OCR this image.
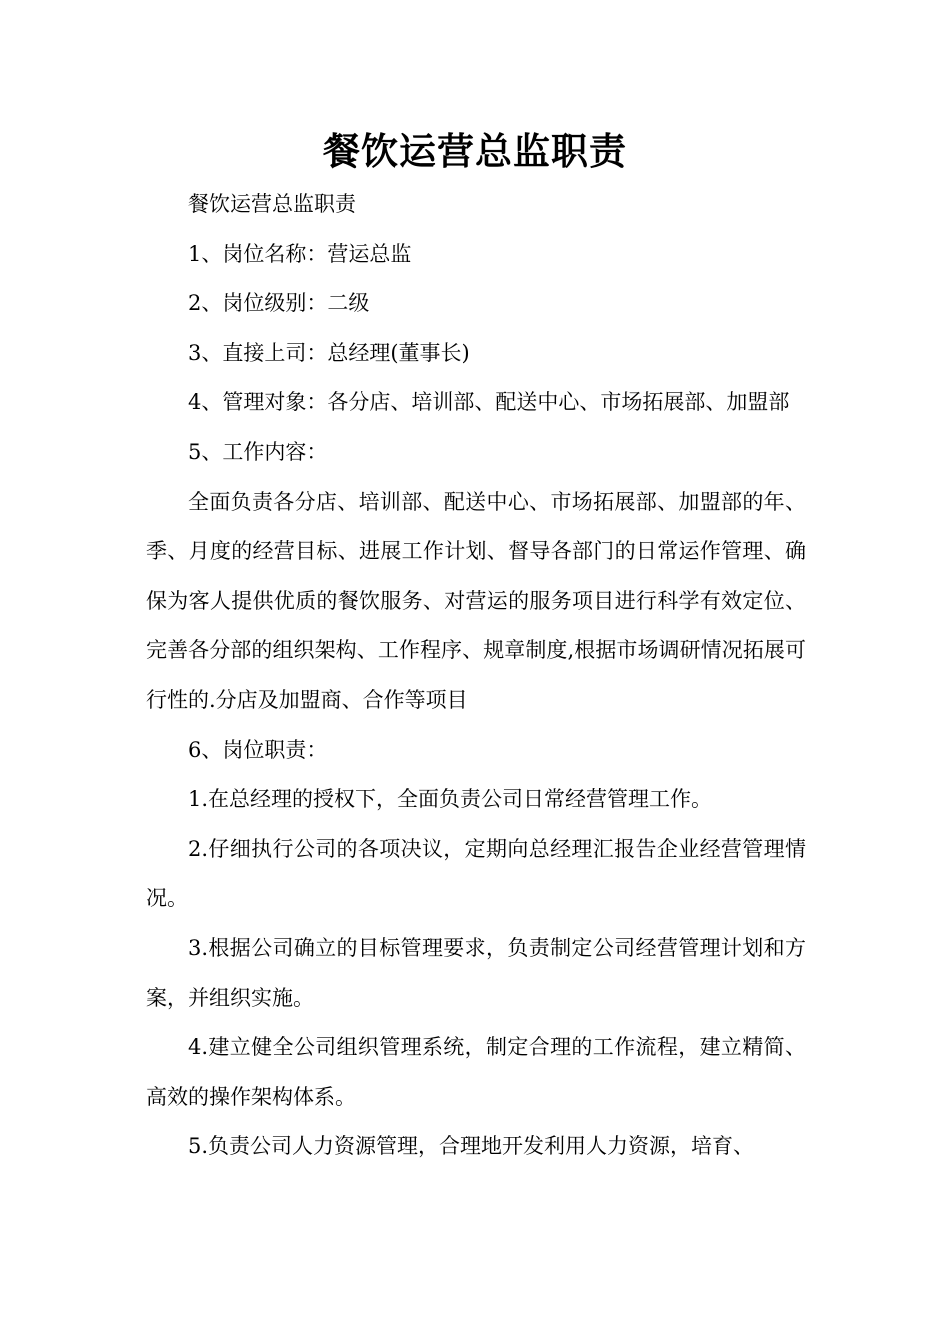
餐饮运营总监职责

餐饮运营总监职责

1、岗位名称：营运总监

2、岗位级别：二级

3、直接上司：总经理(董事长)

4、管理对象：各分店、培训部、配送中心、市场拓展部、加盟部

5、工作内容：

全面负责各分店、培训部、配送中心、市场拓展部、加盟部的年、季、月度的经营目标、进展工作计划、督导各部门的日常运作管理、确保为客人提供优质的餐饮服务、对营运的服务项目进行科学有效定位、完善各分部的组织架构、工作程序、规章制度,根据市场调研情况拓展可行性的.分店及加盟商、合作等项目

6、岗位职责：

1.在总经理的授权下，全面负责公司日常经营管理工作。

2.仔细执行公司的各项决议，定期向总经理汇报告企业经营管理情况。

3.根据公司确立的目标管理要求，负责制定公司经营管理计划和方案，并组织实施。

4.建立健全公司组织管理系统，制定合理的工作流程，建立精简、高效的操作架构体系。

5.负责公司人力资源管理，合理地开发利用人力资源，培育、
